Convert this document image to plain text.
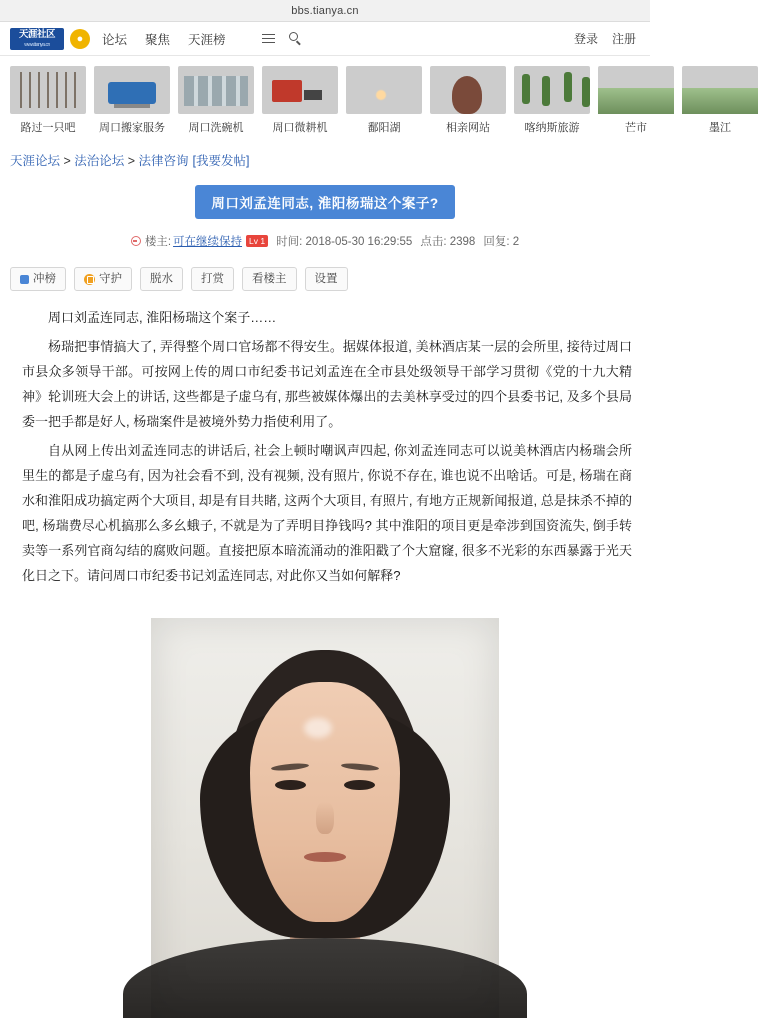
bbs.tianya.cn
天涯社区
www.tianya.cn	●	论坛 聚焦 天涯榜	登录 注册
路过一只吧	周口搬家服务	周口洗碗机	周口微耕机	鄱阳湖	相亲网站	喀纳斯旅游	芒市	墨江
天涯论坛 > 法治论坛 > 法律咨询 [我要发帖]
周口刘孟连同志, 淮阳杨瑞这个案子?
楼主: 可在继续保持 Lv 1 时间: 2018-05-30 16:29:55 点击: 2398 回复: 2
冲榜	守护 脱水 打赏 看楼主 设置

周口刘孟连同志, 淮阳杨瑞这个案子……

杨瑞把事情搞大了, 弄得整个周口官场都不得安生。据媒体报道, 美林酒店某一层的会所里, 接待过周口市县众多领导干部。可按网上传的周口市纪委书记刘孟连在全市县处级领导干部学习贯彻《党的十九大精神》轮训班大会上的讲话, 这些都是子虚乌有, 那些被媒体爆出的去美林享受过的四个县委书记, 及多个县局委一把手都是好人, 杨瑞案件是被境外势力指使利用了。

自从网上传出刘孟连同志的讲话后, 社会上顿时嘲讽声四起, 你刘孟连同志可以说美林酒店内杨瑞会所里生的都是子虚乌有, 因为社会看不到, 没有视频, 没有照片, 你说不存在, 谁也说不出啥话。可是, 杨瑞在商水和淮阳成功搞定两个大项目, 却是有目共睹, 这两个大项目, 有照片, 有地方正规新闻报道, 总是抹杀不掉的吧, 杨瑞费尽心机搞那么多幺蛾子, 不就是为了弄明目挣钱吗? 其中淮阳的项目更是牵涉到国资流失, 倒手转卖等一系列官商勾结的腐败问题。直接把原本暗流涌动的淮阳戳了个大窟窿, 很多不光彩的东西暴露于光天化日之下。请问周口市纪委书记刘孟连同志, 对此你又当如何解释?
